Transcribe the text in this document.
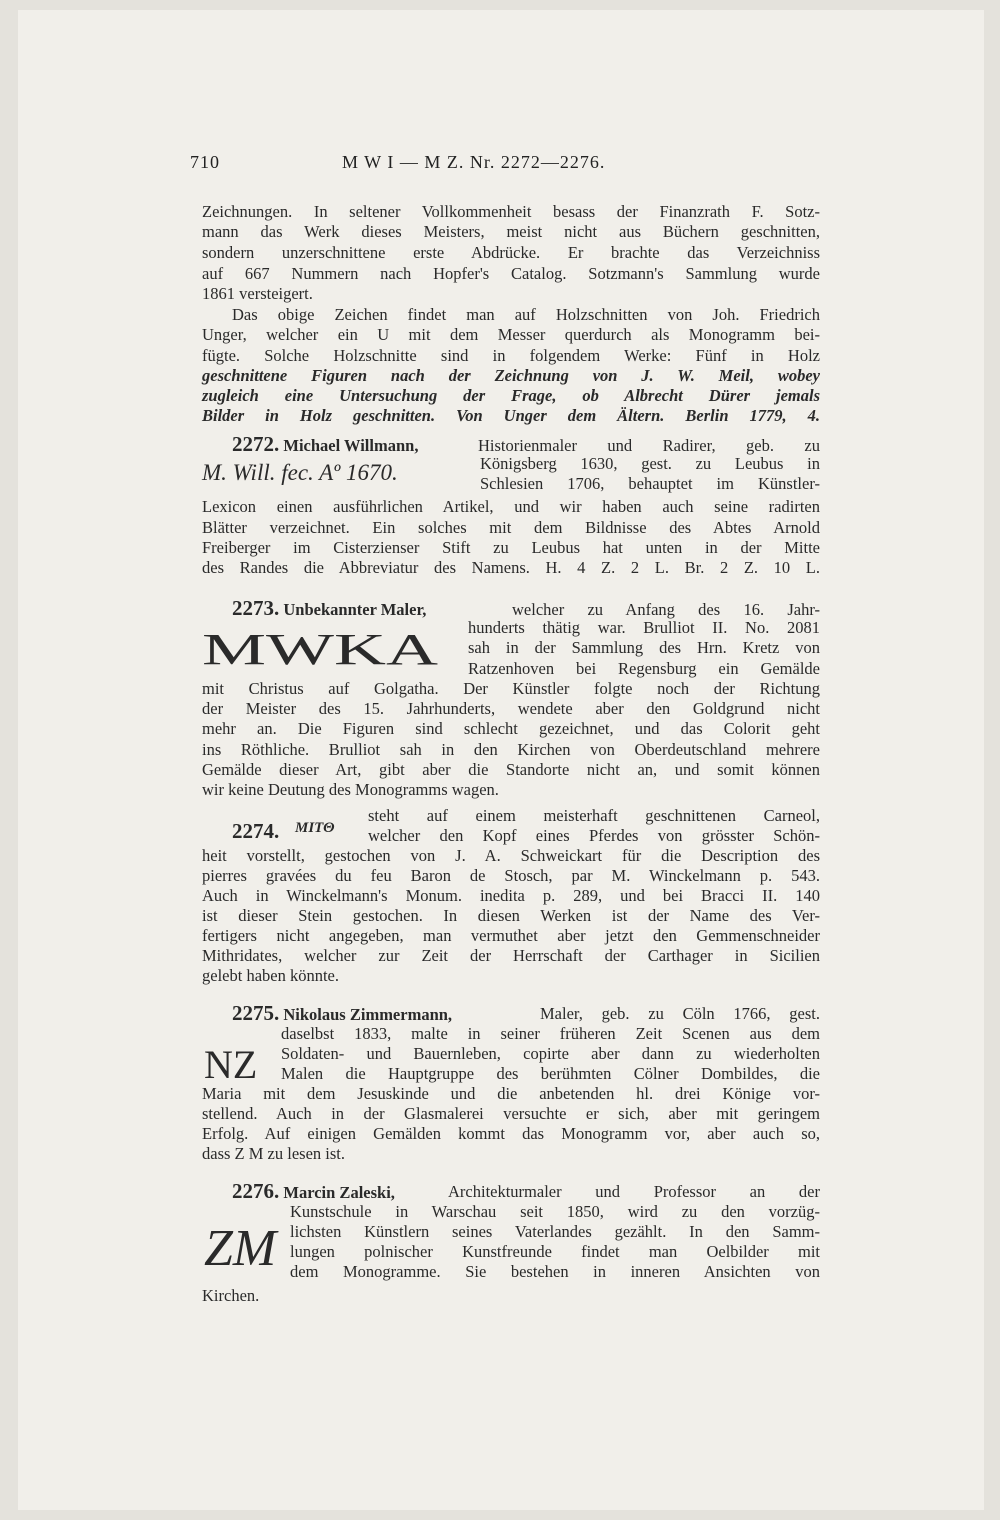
710	M W I — M Z. Nr. 2272—2276.
Zeichnungen. In seltener Vollkommenheit besass der Finanzrath F. Sotz-
mann das Werk dieses Meisters, meist nicht aus Büchern geschnitten,
sondern unzerschnittene erste Abdrücke. Er brachte das Verzeichniss
auf 667 Nummern nach Hopfer's Catalog. Sotzmann's Sammlung wurde
1861 versteigert.
Das obige Zeichen findet man auf Holzschnitten von Joh. Friedrich
Unger, welcher ein U mit dem Messer querdurch als Monogramm bei-
fügte. Solche Holzschnitte sind in folgendem Werke: Fünf in Holz
geschnittene Figuren nach der Zeichnung von J. W. Meil, wobey
zugleich eine Untersuchung der Frage, ob Albrecht Dürer jemals
Bilder in Holz geschnitten. Von Unger dem Ältern. Berlin 1779, 4.
2272. Michael Willmann,	Historienmaler und Radirer, geb. zu
M. Will. fec. Aº 1670.	Königsberg 1630, gest. zu Leubus in
Schlesien 1706, behauptet im Künstler-
Lexicon einen ausführlichen Artikel, und wir haben auch seine radirten
Blätter verzeichnet. Ein solches mit dem Bildnisse des Abtes Arnold
Freiberger im Cisterzienser Stift zu Leubus hat unten in der Mitte
des Randes die Abbreviatur des Namens. H. 4 Z. 2 L. Br. 2 Z. 10 L.
2273. Unbekannter Maler,	welcher zu Anfang des 16. Jahr-
MWKA hunderts thätig war. Brulliot II. No. 2081
sah in der Sammlung des Hrn. Kretz von
Ratzenhoven bei Regensburg ein Gemälde
mit Christus auf Golgatha. Der Künstler folgte noch der Richtung
der Meister des 15. Jahrhunderts, wendete aber den Goldgrund nicht
mehr an. Die Figuren sind schlecht gezeichnet, und das Colorit geht
ins Röthliche. Brulliot sah in den Kirchen von Oberdeutschland mehrere
Gemälde dieser Art, gibt aber die Standorte nicht an, und somit können
wir keine Deutung des Monogramms wagen.
2274. ΜΙΤΘ
steht auf einem meisterhaft geschnittenen Carneol,
welcher den Kopf eines Pferdes von grösster Schön-
heit vorstellt, gestochen von J. A. Schweickart für die Description des
pierres gravées du feu Baron de Stosch, par M. Winckelmann p. 543.
Auch in Winckelmann's Monum. inedita p. 289, und bei Bracci II. 140
ist dieser Stein gestochen. In diesen Werken ist der Name des Ver-
fertigers nicht angegeben, man vermuthet aber jetzt den Gemmenschneider
Mithridates, welcher zur Zeit der Herrschaft der Carthager in Sicilien
gelebt haben könnte.
2275. Nikolaus Zimmermann,	Maler, geb. zu Cöln 1766, gest.
NZ
daselbst 1833, malte in seiner früheren Zeit Scenen aus dem
Soldaten- und Bauernleben, copirte aber dann zu wiederholten
Malen die Hauptgruppe des berühmten Cölner Dombildes, die
Maria mit dem Jesuskinde und die anbetenden hl. drei Könige vor-
stellend. Auch in der Glasmalerei versuchte er sich, aber mit geringem
Erfolg. Auf einigen Gemälden kommt das Monogramm vor, aber auch so,
dass Z M zu lesen ist.
2276. Marcin Zaleski,	Architekturmaler und Professor an der
ZM
Kunstschule in Warschau seit 1850, wird zu den vorzüg-
lichsten Künstlern seines Vaterlandes gezählt. In den Samm-
lungen polnischer Kunstfreunde findet man Oelbilder mit
dem Monogramme. Sie bestehen in inneren Ansichten von
Kirchen.
